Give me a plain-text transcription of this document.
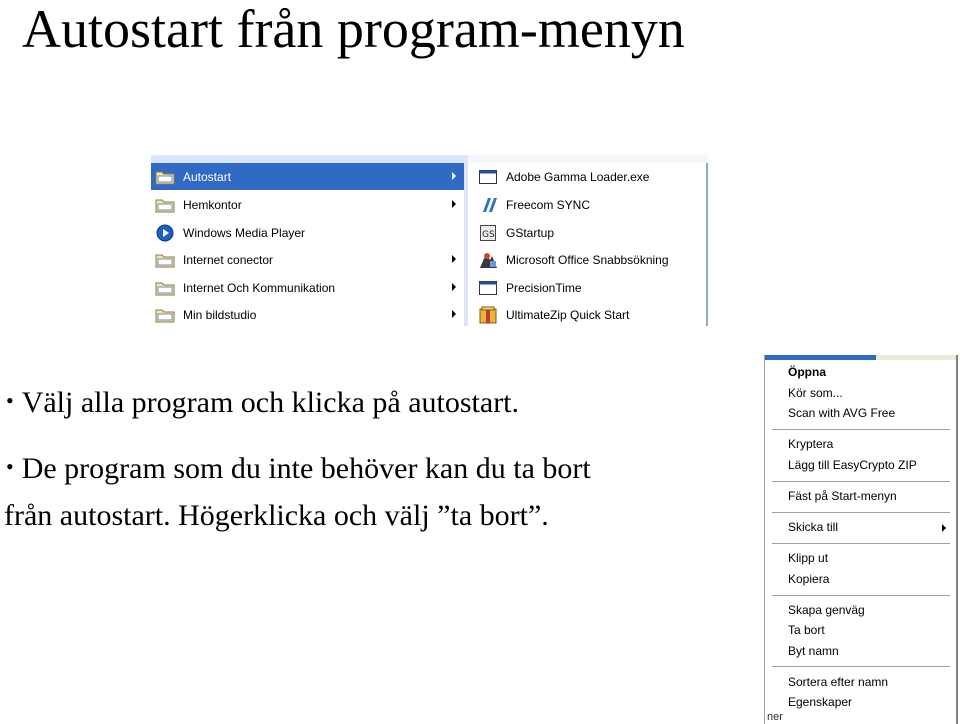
Autostart från program-menyn
Autostart
Hemkontor
Windows Media Player
Internet conector
Internet Och Kommunikation
Min bildstudio
Adobe Gamma Loader.exe
Freecom SYNC
GS GStartup
Microsoft Office Snabbsökning
PrecisionTime
UltimateZip Quick Start
• Välj alla program och klicka på autostart.
• De program som du inte behöver kan du ta bort
från autostart. Högerklicka och välj ”ta bort”.
Öppna
Kör som...
Scan with AVG Free
Kryptera
Lägg till EasyCrypto ZIP
Fäst på Start-menyn
Skicka till
Klipp ut
Kopiera
Skapa genväg
Ta bort
Byt namn
Sortera efter namn
Egenskaper
ner
